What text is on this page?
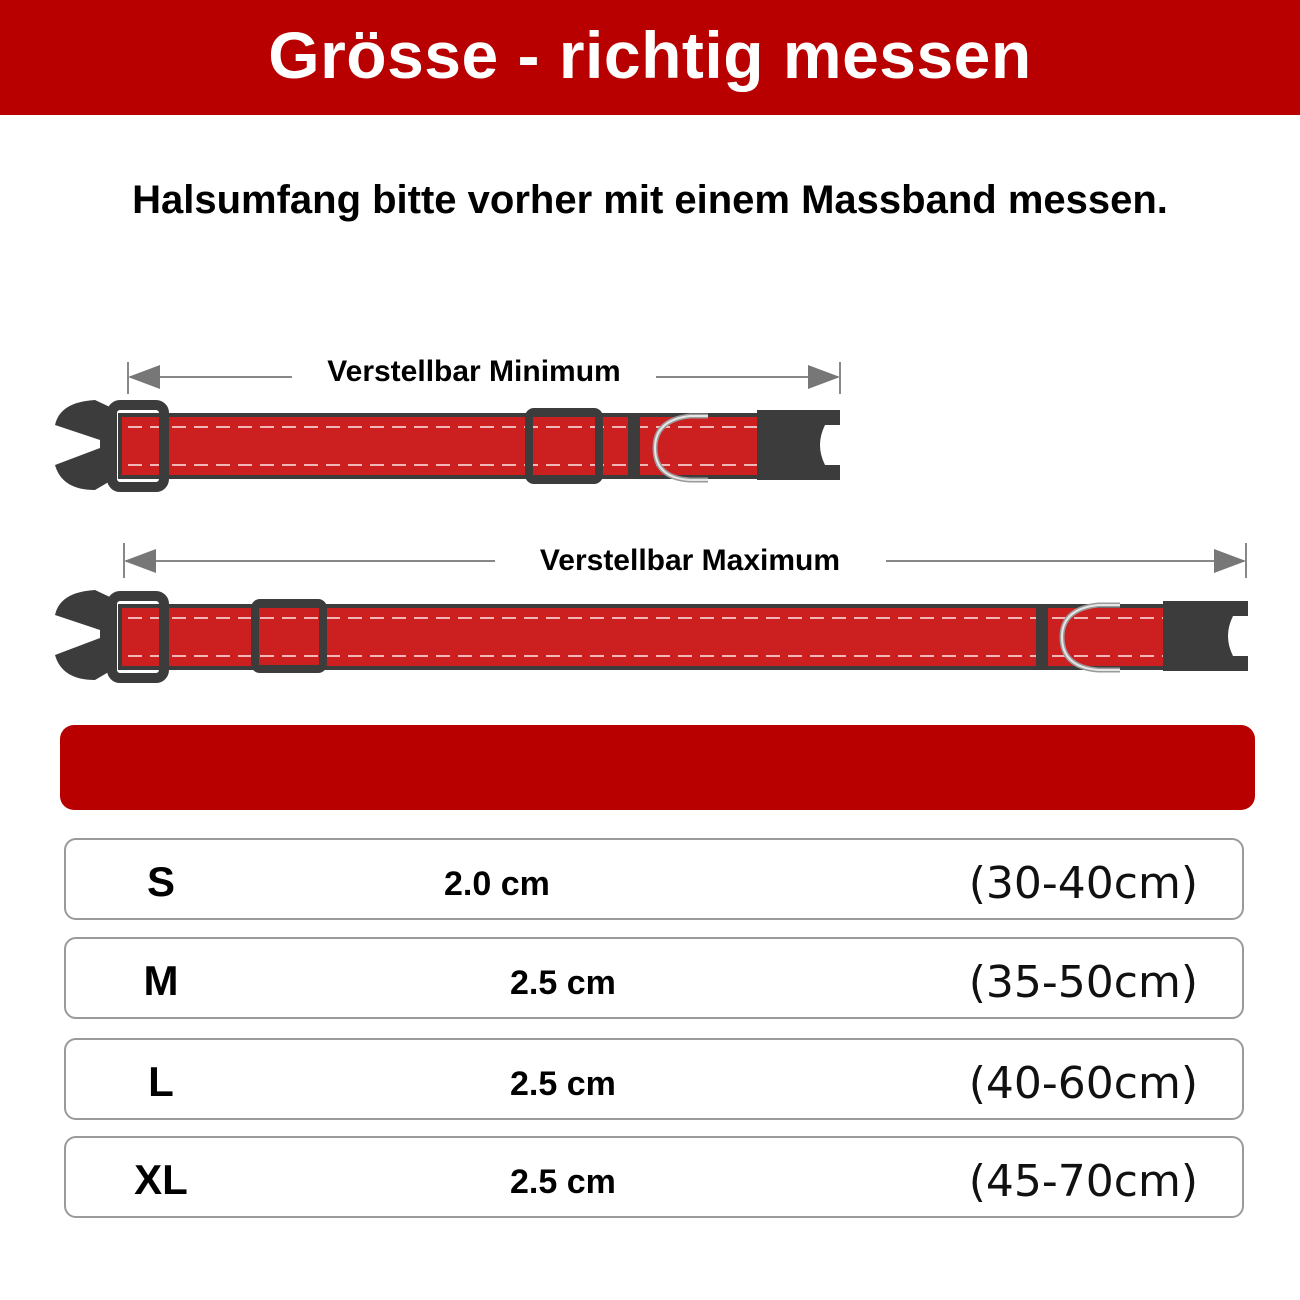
Grösse - richtig messen
Halsumfang bitte vorher mit einem Massband messen.
Verstellbar Minimum
Verstellbar Maximum
S	2.0 cm	(30-40cm)
M	2.5 cm	(35-50cm)
L	2.5 cm	(40-60cm)
XL	2.5 cm	(45-70cm)
